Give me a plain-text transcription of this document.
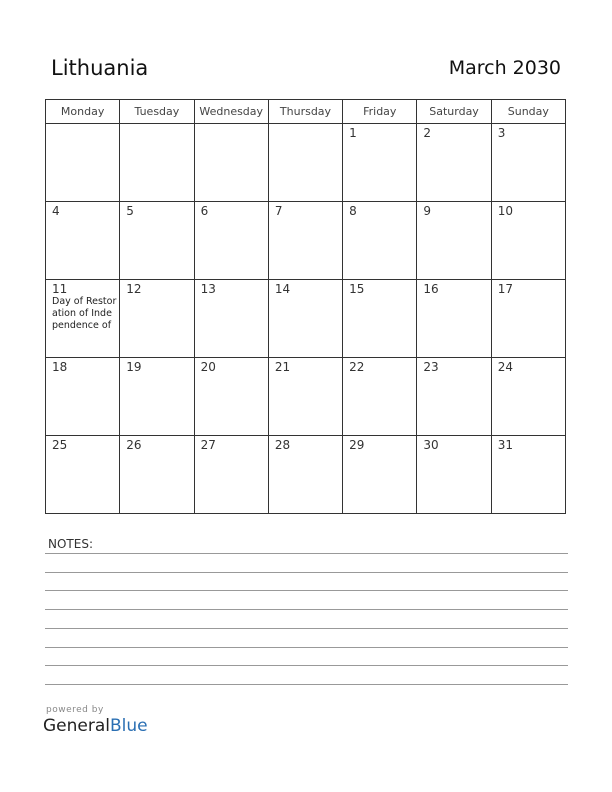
Lithuania	March 2030
Monday	Tuesday	Wednesday	Thursday	Friday	Saturday	Sunday

				1	2	3

4	5	6	7	8	9	10

11
Day of Restoration of Independence of	12	13	14	15	16	17

18	19	20	21	22	23	24

25	26	27	28	29	30	31
NOTES:
powered by
GeneralBlue
